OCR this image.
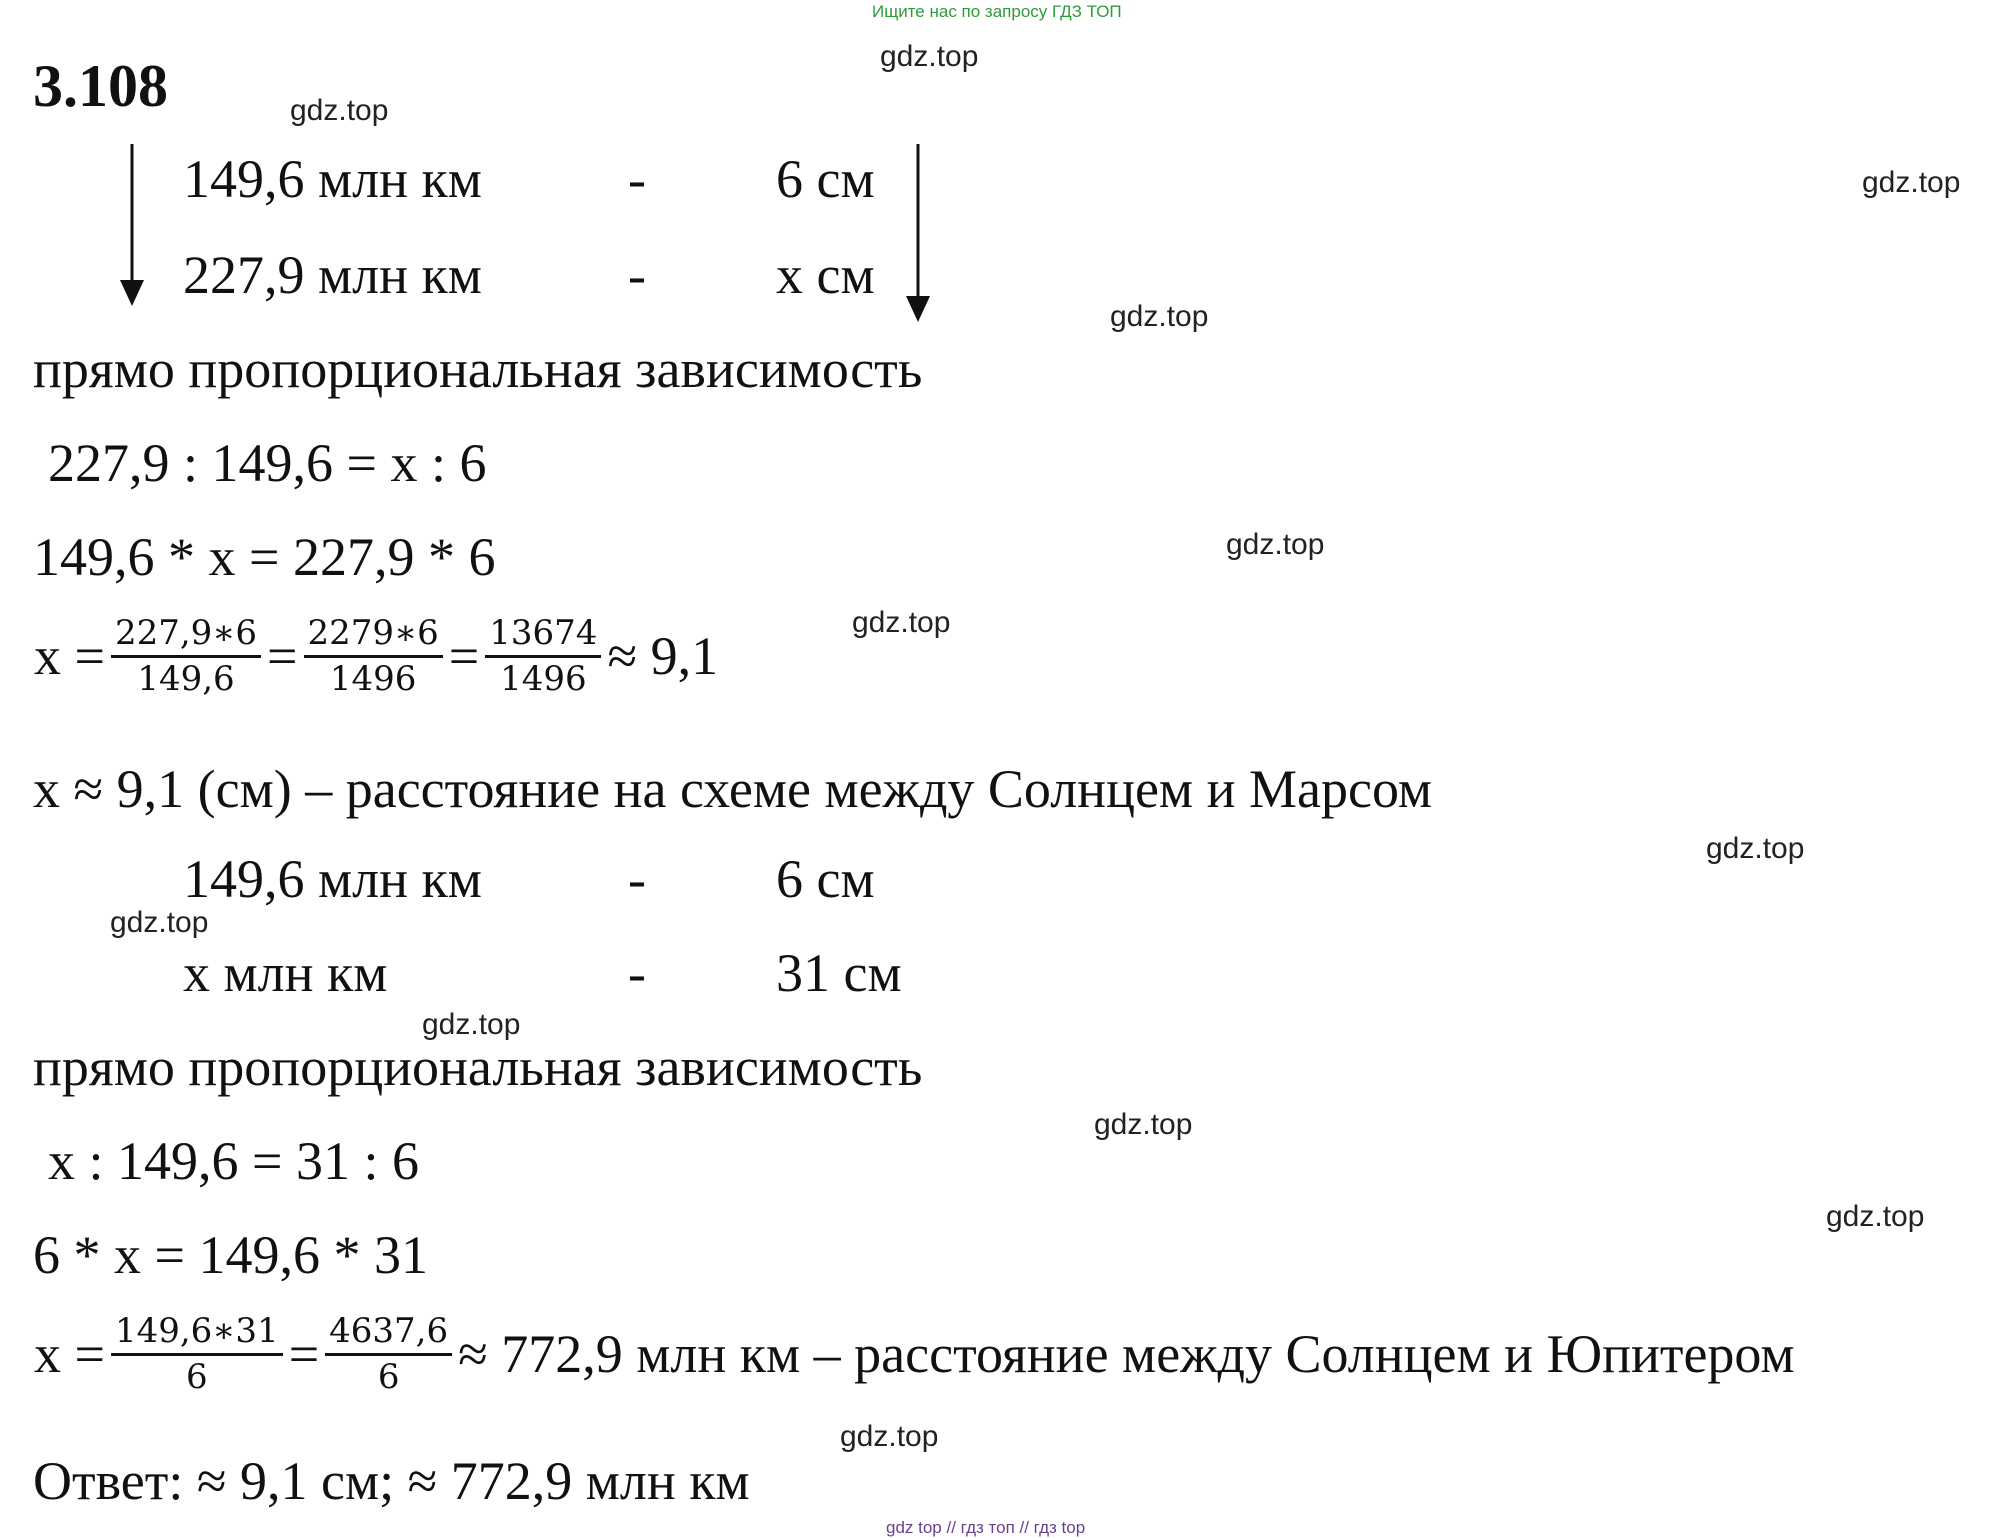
Ищите нас по запросу ГДЗ ТОП
3.108	gdz.top
gdz.top
gdz.top
gdz.top
gdz.top
gdz.top
gdz.top
gdz.top
gdz.top
gdz.top
gdz.top
gdz.top
149,6 млн км	- 6 см
227,9 млн км	- x см
прямо пропорциональная зависимость
227,9 : 149,6 = x : 6
149,6 * x = 227,9 * 6
$x = \frac{227,9∗6}{149,6} = \frac{2279∗6}{1496} = \frac{13674}{1496} \approx 9,1$
x ≈ 9,1 (см) – расстояние на схеме между Солнцем и Марсом
149,6 млн км	- 6 см
x млн км	- 31 см
прямо пропорциональная зависимость
x : 149,6 = 31 : 6
6 * x = 149,6 * 31
$x = \frac{149,6∗31}{6} = \frac{4637,6}{6} \approx 772,9$ млн км – расстояние между Солнцем и Юпитером
Ответ: ≈ 9,1 см; ≈ 772,9 млн км
gdz top // гдз топ // гдз top
